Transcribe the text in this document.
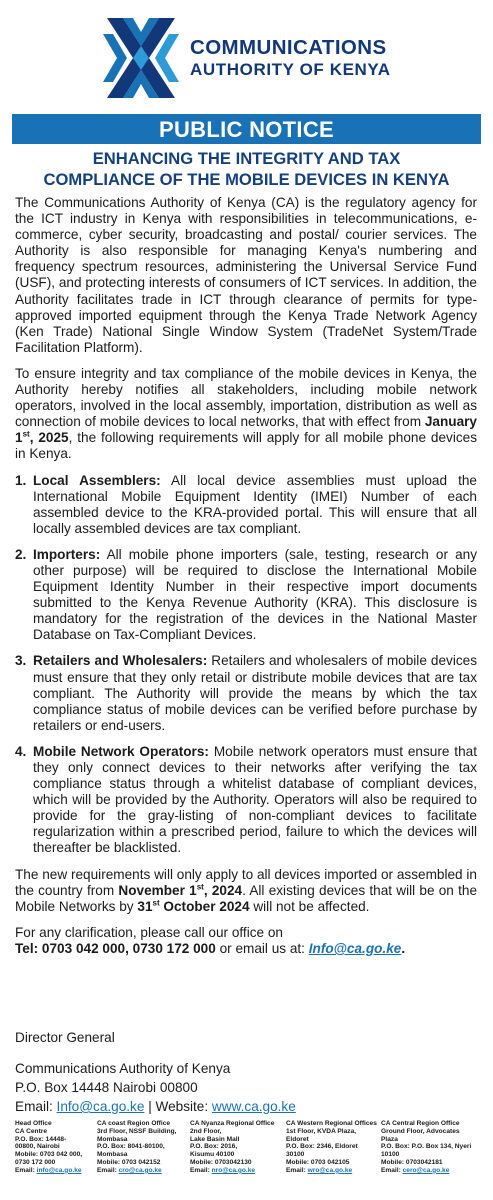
COMMUNICATIONS
AUTHORITY OF KENYA
PUBLIC NOTICE
ENHANCING THE INTEGRITY AND TAX
COMPLIANCE OF THE MOBILE DEVICES IN KENYA

The Communications Authority of Kenya (CA) is the regulatory agency for the ICT industry in Kenya with responsibilities in telecommunications, e-commerce, cyber security, broadcasting and postal/ courier services. The Authority is also responsible for managing Kenya's numbering and frequency spectrum resources, administering the Universal Service Fund (USF), and protecting interests of consumers of ICT services. In addition, the Authority facilitates trade in ICT through clearance of permits for type-approved imported equipment through the Kenya Trade Network Agency (Ken Trade) National Single Window System (TradeNet System/Trade Facilitation Platform).

To ensure integrity and tax compliance of the mobile devices in Kenya, the Authority hereby notifies all stakeholders, including mobile network operators, involved in the local assembly, importation, distribution as well as connection of mobile devices to local networks, that with effect from January 1st, 2025, the following requirements will apply for all mobile phone devices in Kenya.

1. Local Assemblers: All local device assemblies must upload the International Mobile Equipment Identity (IMEI) Number of each assembled device to the KRA-provided portal. This will ensure that all locally assembled devices are tax compliant.
2. Importers: All mobile phone importers (sale, testing, research or any other purpose) will be required to disclose the International Mobile Equipment Identity Number in their respective import documents submitted to the Kenya Revenue Authority (KRA). This disclosure is mandatory for the registration of the devices in the National Master Database on Tax-Compliant Devices.
3. Retailers and Wholesalers: Retailers and wholesalers of mobile devices must ensure that they only retail or distribute mobile devices that are tax compliant. The Authority will provide the means by which the tax compliance status of mobile devices can be verified before purchase by retailers or end-users.
4. Mobile Network Operators: Mobile network operators must ensure that they only connect devices to their networks after verifying the tax compliance status through a whitelist database of compliant devices, which will be provided by the Authority. Operators will also be required to provide for the gray-listing of non-compliant devices to facilitate regularization within a prescribed period, failure to which the devices will thereafter be blacklisted.

The new requirements will only apply to all devices imported or assembled in the country from November 1st, 2024. All existing devices that will be on the Mobile Networks by 31st October 2024 will not be affected.

For any clarification, please call our office on
Tel: 0703 042 000, 0730 172 000 or email us at: Info@ca.go.ke.

Director General
Communications Authority of Kenya
P.O. Box 14448 Nairobi 00800
Email: Info@ca.go.ke | Website: www.ca.go.ke
Head Office
CA Centre
P.O. Box: 14448-
00800, Nairobi
Mobile: 0703 042 000,
0730 172 000
Email: info@ca.go.ke
CA coast Region Office
3rd Floor, NSSF Building,
Mombasa
P.O. Box: 8041-80100,
Mombasa
Mobile: 0703 042152
Email: cro@ca.go.ke
CA Nyanza Regional Office
2nd Floor,
Lake Basin Mall
P.O. Box: 2016,
Kisumu 40100
Mobile: 0703042130
Email: nro@ca.go.ke
CA Western Regional Offices
1st Floor, KVDA Plaza,
Eldoret
P.O. Box: 2346, Eldoret
30100
Mobile: 0703 042105
Email: wro@ca.go.ke
CA Central Region Office
Ground Floor, Advocates
Plaza
P.O. Box: P.O. Box 134, Nyeri
10100
Mobile: 0703042181
Email: cero@ca.go.ke
